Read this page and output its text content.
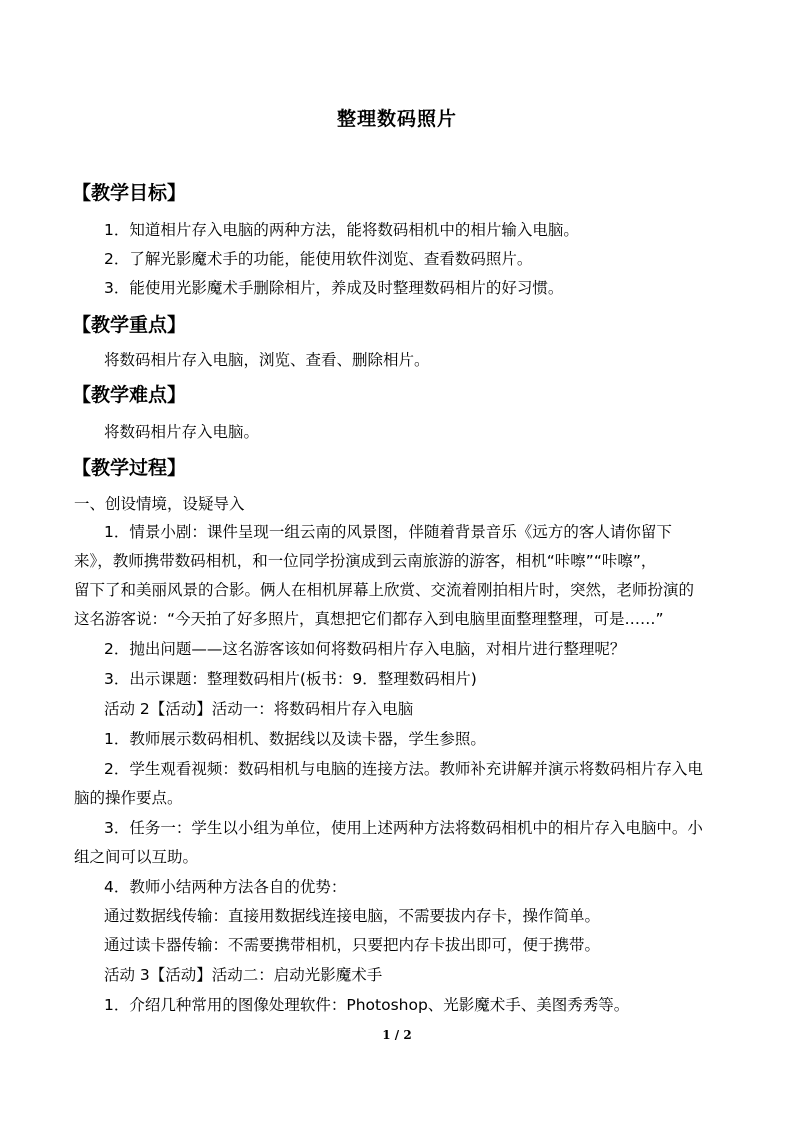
整理数码照片
【教学目标】
1．知道相片存入电脑的两种方法，能将数码相机中的相片输入电脑。
2．了解光影魔术手的功能，能使用软件浏览、查看数码照片。
3．能使用光影魔术手删除相片，养成及时整理数码相片的好习惯。
【教学重点】
将数码相片存入电脑，浏览、查看、删除相片。
【教学难点】
将数码相片存入电脑。
【教学过程】
一、创设情境，设疑导入
1．情景小剧：课件呈现一组云南的风景图，伴随着背景音乐《远方的客人请你留下
来》，教师携带数码相机，和一位同学扮演成到云南旅游的游客，相机“咔嚓”“咔嚓”，
留下了和美丽风景的合影。俩人在相机屏幕上欣赏、交流着刚拍相片时，突然，老师扮演的
这名游客说：“今天拍了好多照片，真想把它们都存入到电脑里面整理整理，可是……”
2．抛出问题——这名游客该如何将数码相片存入电脑，对相片进行整理呢？
3．出示课题：整理数码相片(板书：9．整理数码相片)
活动 2【活动】活动一：将数码相片存入电脑
1．教师展示数码相机、数据线以及读卡器，学生参照。
2．学生观看视频：数码相机与电脑的连接方法。教师补充讲解并演示将数码相片存入电
脑的操作要点。
3．任务一：学生以小组为单位，使用上述两种方法将数码相机中的相片存入电脑中。小
组之间可以互助。
4．教师小结两种方法各自的优势：
通过数据线传输：直接用数据线连接电脑，不需要拔内存卡，操作简单。
通过读卡器传输：不需要携带相机，只要把内存卡拔出即可，便于携带。
活动 3【活动】活动二：启动光影魔术手
1．介绍几种常用的图像处理软件：Photoshop、光影魔术手、美图秀秀等。
1 / 2
